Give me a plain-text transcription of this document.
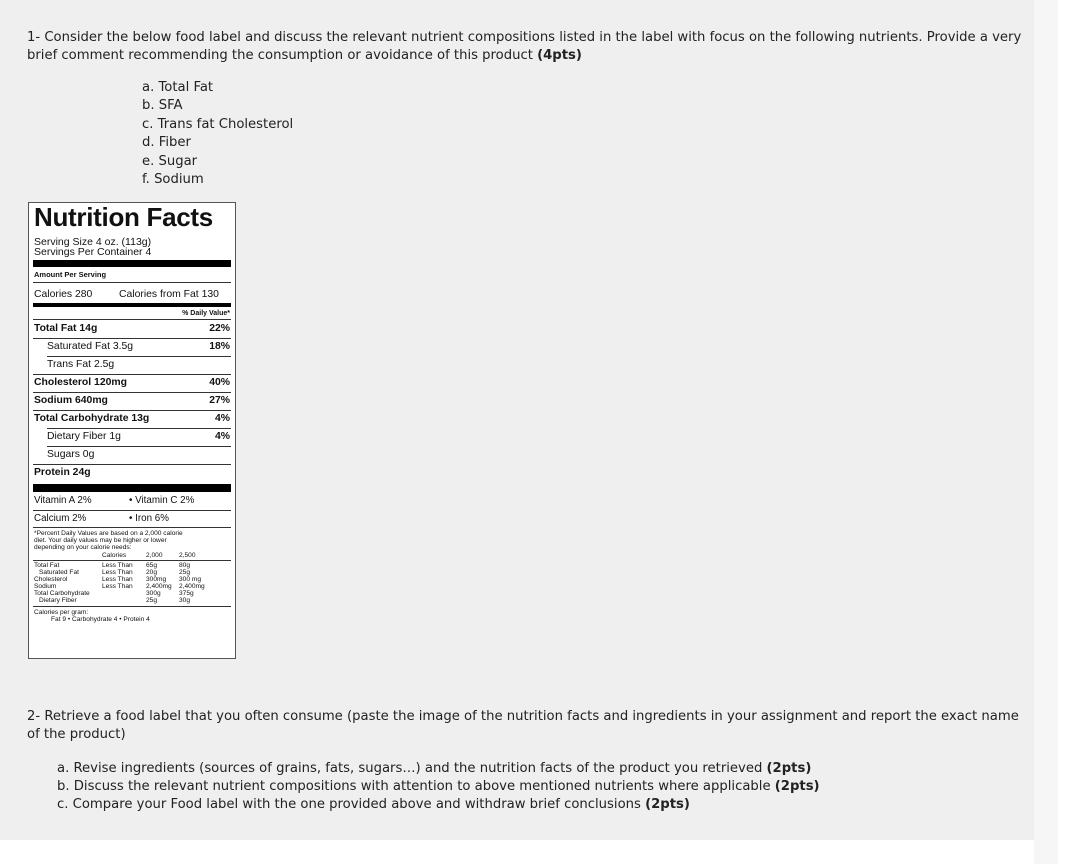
1- Consider the below food label and discuss the relevant nutrient compositions listed in the label with focus on the following nutrients. Provide a very brief comment recommending the consumption or avoidance of this product (4pts)
a. Total Fat
b. SFA
c. Trans fat Cholesterol
d. Fiber
e. Sugar
f. Sodium
Nutrition Facts
Serving Size 4 oz. (113g)
Servings Per Container 4
Amount Per Serving
Calories 280	Calories from Fat 130
% Daily Value*
Total Fat 14g	22%
Saturated Fat 3.5g	18%
Trans Fat 2.5g
Cholesterol 120mg	40%
Sodium 640mg	27%
Total Carbohydrate 13g	4%
Dietary Fiber 1g	4%
Sugars 0g
Protein 24g
Vitamin A 2%	• Vitamin C 2%
Calcium 2%	• Iron 6%
*Percent Daily Values are based on a 2,000 calorie
diet. Your daily values may be higher or lower
depending on your calorie needs:
Calories	2,000 2,500
Total Fat	Less Than 65g	80g
Saturated Fat	Less Than 20g	25g
Cholesterol	Less Than 300mg 300 mg
Sodium	Less Than 2,400mg 2,400mg
Total Carbohydrate	300g	375g
Dietary Fiber	25g	30g
Calories per gram:
Fat 9 • Carbohydrate 4 • Protein 4
2- Retrieve a food label that you often consume (paste the image of the nutrition facts and ingredients in your assignment and report the exact name of the product)
a. Revise ingredients (sources of grains, fats, sugars…) and the nutrition facts of the product you retrieved (2pts)
b. Discuss the relevant nutrient compositions with attention to above mentioned nutrients where applicable (2pts)
c. Compare your Food label with the one provided above and withdraw brief conclusions (2pts)
